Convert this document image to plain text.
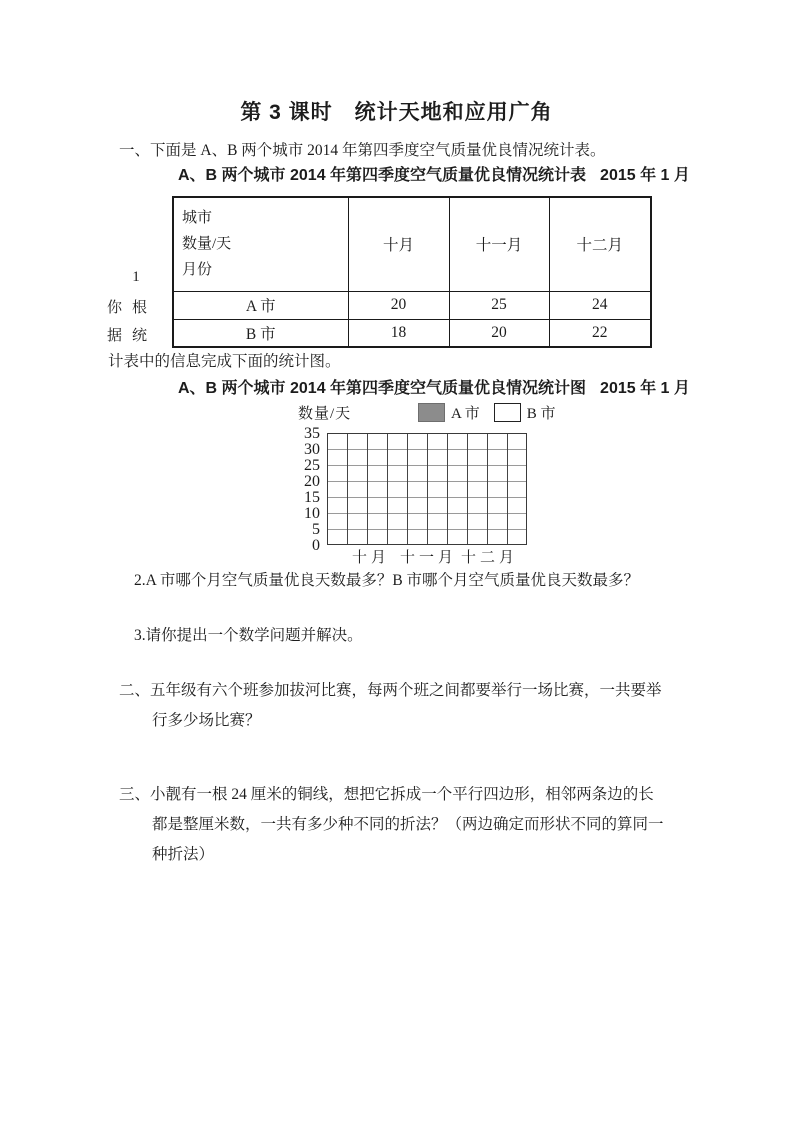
第 3 课时　统计天地和应用广角

一、下面是 A、B 两个城市 2014 年第四季度空气质量优良情况统计表。

A、B 两个城市 2014 年第四季度空气质量优良情况统计表 2015 年 1 月
城市
数量/天
月份	十月	十一月	十二月
A 市	20	25	24
B 市	18	20	22
1
你根
据统

计表中的信息完成下面的统计图。

A、B 两个城市 2014 年第四季度空气质量优良情况统计图 2015 年 1 月
数量/天	A 市	B 市
35
30
25
20
15
10
5
0
十月 十一月 十二月

2.A 市哪个月空气质量优良天数最多？B 市哪个月空气质量优良天数最多？

3.请你提出一个数学问题并解决。

二、五年级有六个班参加拔河比赛，每两个班之间都要举行一场比赛，一共要举

行多少场比赛？

三、小靓有一根 24 厘米的铜线，想把它拆成一个平行四边形，相邻两条边的长

都是整厘米数，一共有多少种不同的折法？（两边确定而形状不同的算同一

种折法）
